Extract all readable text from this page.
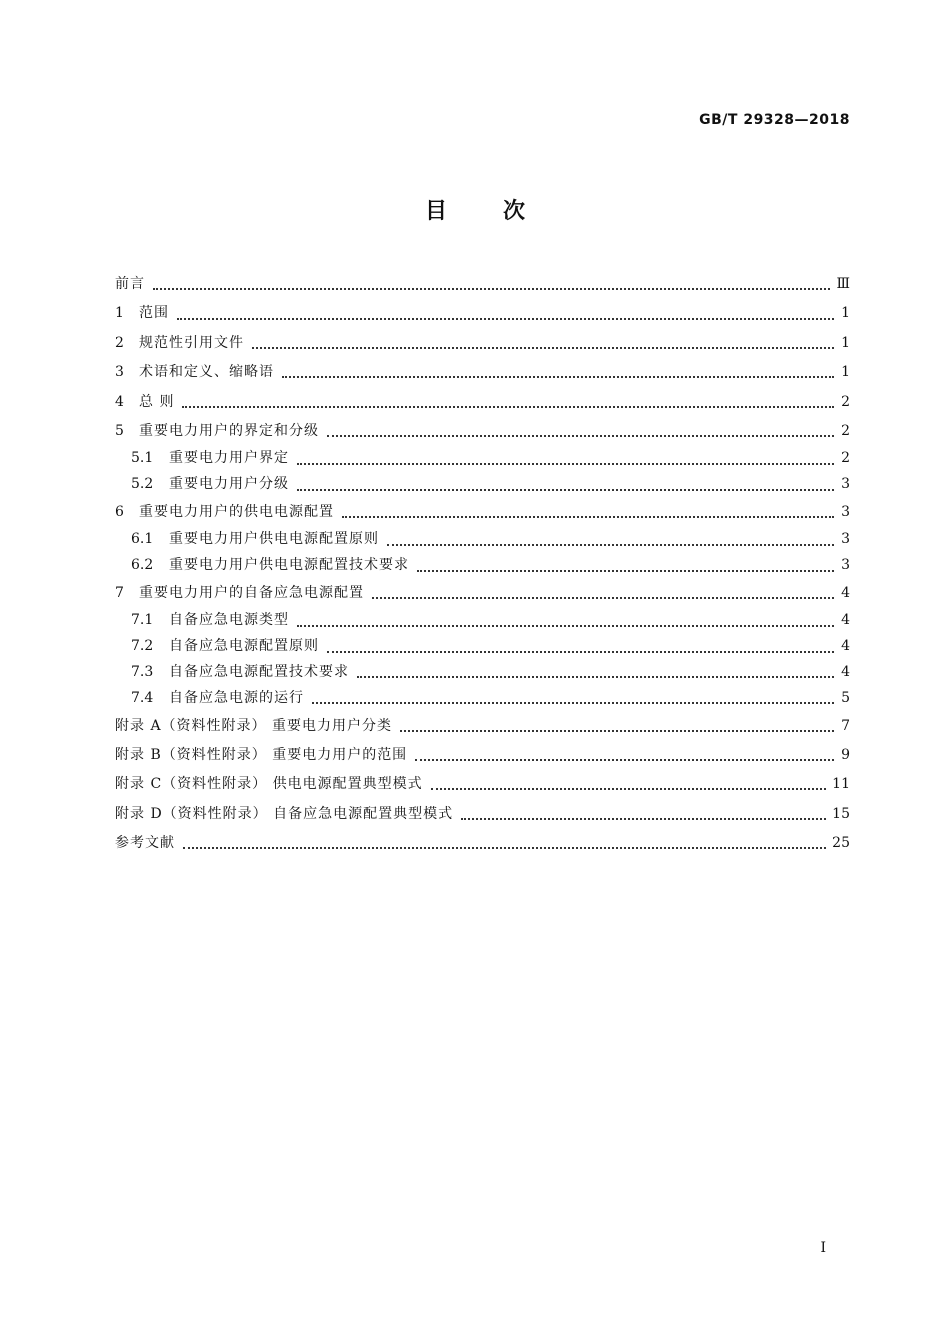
GB/T 29328—2018
目	次
前言	Ⅲ
1	范围	1
2	规范性引用文件	1
3	术语和定义、缩略语	1
4	总 则	2
5	重要电力用户的界定和分级	2
5.1	重要电力用户界定	2
5.2	重要电力用户分级	3
6	重要电力用户的供电电源配置	3
6.1	重要电力用户供电电源配置原则	3
6.2	重要电力用户供电电源配置技术要求	3
7	重要电力用户的自备应急电源配置	4
7.1	自备应急电源类型	4
7.2	自备应急电源配置原则	4
7.3	自备应急电源配置技术要求	4
7.4	自备应急电源的运行	5
附录 A（资料性附录） 重要电力用户分类	7
附录 B（资料性附录） 重要电力用户的范围	9
附录 C（资料性附录） 供电电源配置典型模式	11
附录 D（资料性附录） 自备应急电源配置典型模式	15
参考文献	25
Ⅰ
